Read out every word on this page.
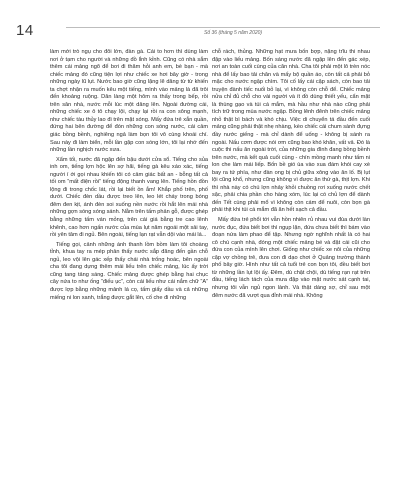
14	Số 36 (tháng 5 năm 2020)

làm mới trò ngụ cho đôi lớn, đàn gà. Cái to hơn thì dùng làm nơi ở tạm cho người và những đồ lỉnh kỉnh. Cũng có nhà sắm thêm cái mảng ngõ để bơi đi thăm hỏi anh em, bè bạn - mà chiếc mảng đó cũng tiện lợi như chiếc xe hơi bây giờ - trong những ngày lũ lụt. Nước bao giờ cũng lặng lẽ dâng từ từ khiến ta chợt nhận ra muốn kêu một tiếng, mình vào mảng là đã trôi đến khoảng ruộng. Dân làng một hôm ra thấy trong bếp, rồi trên sân nhà, nước mỗi lúc một dâng lên. Ngoài đường cái, những chiếc xe ô tô chạy lội, chạy lại rồi ra con sông mạnh, như chiếc tàu thủy lao đi trên mặt sóng. Mấy đứa trẻ xắn quần, đứng hai bên đường để đón những con sóng nước, cái cảm giác bồng bềnh, nghiêng ngả làm bọn tôi vô cùng khoái chí. Sau này đi làm biển, mỗi lần gặp con sóng lớn, tôi lại nhớ đến những lần nghịch nước xưa.

Xẩm tối, nước đã ngập đến bậu dưới cửa sổ. Tiếng cho sủa inh om, tiếng lợn hộc lên sợ hãi, tiếng gà kêu xáo xác, tiếng người í ới gọi nhau khiến tôi có cảm giác bất an - bỗng tất cả tối om “mất điện rồi” tiếng động thanh vang lên. Tiếng hồn đồn lộng đi trong chốc lát, rồi lại biết ồn ắm! Khắp phố trên, phố dưới. Chiếc đèn dầu được treo lên, leo lét cháy trong bóng đêm đen kịt, ánh đèn soi xuống nền nước rồi hắt lên mái nhà những gợn sóng sóng sánh. Nằm trên tấm phản gỗ, được ghép bằng những tấm ván mỏng, trên cái giá bằng tre cao lênh khênh, cao hơn ngấn nước của mùa lụt năm ngoái một sải tay, rồi yên tâm đi ngủ. Bên ngoài, tiếng lạn rạt vẫn dội vào mái lá...

Tiếng gọi, cảnh những ánh thanh lồm bồm làm tôi choàng tỉnh, khua tay ra mép phản thấy nước sắp đăng đến gần chỗ ngủ, leo vội lên gác xếp thấy chái nhà trống hoác, bên ngoài cha tôi đang dựng thêm mái liếu trên chiếc mảng, lúc ấy trời cũng tang tảng sáng. Chiếc mảng được ghép bằng hai chục cây nứa to như ống “điếu ục”, còn cái liếu như cái nắm chữ “A” được lợp bằng những mảnh lá cọ, tấm giấy dầu và cả những miếng ni lon xanh, trắng được gắt lên, cố che đi những

chỗ rách, thủng. Những hạt mưa bốn bợp, nặng trĩu thi nhau đập vào liếu mảng. Bốn sáng nước đã ngập lên đến gác xép, nơi an toàn cuối cùng của căn nhà. Cha tôi phải một lô trèn nóc nhà để lấy bao tải chăn và mấy bộ quần áo, còn tất cả phải bỏ mặc cho nước ngập chìm. Tôi cố lấy cái cặp sách, còn bao tải truyện đành tiếc nuối bỏ lại, vì không còn chỗ để. Chiếc mảng nửa chỉ đủ chỗ cho vài người và ít đồ dùng thiết yếu, cẩn mặt là thùng gạo và túi cá mắm, mà hầu như nhà nào cũng phải tích trữ trong mùa nước ngập. Bồng lênh đênh trên chiếc mảng nhỏ thật bì bách và khó chịu. Việc di chuyển tá đầu đến cuối mảng cũng phải thật nhẹ nhàng, kèo chiếc cái chum sành đựng đầy nước giếng - mà chỉ dành để uống - không bị sánh ra ngoài. Nấu cơm được nói ơm cũng bao khó khăn, vất vả. Đó là cuộc thi nấu ăn ngoài trời, của những gia đình đang bồng bềnh trên nước, mà kết quả cuối cùng - chín mồng manh như tấm ni lon che làm mái liếp. Bốn bề gió ùa vào xua đám khói cay xè bay ra tứ phía, như đàn ong bị chủ giữa xông vào ăn lố. Bị lụt lội cũng khổ, nhưng cũng không vì được ăn thứ gà, thịt lợn. Khi thì nhà này có chú lợn nhảy khỏi chuồng rơi xuống nước chết sặc, phải chia phần cho hàng xóm, lúc lại có chủ lợn để dành đến Tết cùng phải mổ vì không còn cám để nuôi, còn bọn gà phải thịt khi túi cá mắm đã ăn hết sạch cả đầu.

Mấy đứa trẻ phổi tới vẫn hồn nhiên rủ nhau vui đùa dưới làn nước đục, đứa biết bơi thì ngụp lặn, đứa chưa biết thì bám vào đoạn nứa làm phao để tập. Nhưng ngờ nghĩnh nhất là có hai cô chú cạnh nhà, đóng một chiếc mảng bé và đặt cái cũi cho đứa con của mình lên chơi. Giống như chiếc xe nôi của những cặp vợ chồng trẻ, đưa con đi dạo chơi ở Quảng trường thành phố bây giờ. Hình như tất cả tuổi trẻ con bọn tôi, đều biết bơi từ những lần lụt lội ấy. Đêm, dù chật chội, dù tiếng rạn rạt trên đầu, tiếng lách tách của mưa đập vào mặt nước sát cạnh tai, nhưng tôi vẫn ngủ ngon lành. Và thật dáng sợ, chỉ sau một đêm nước đã vượt qua đỉnh mái nhà. Không
